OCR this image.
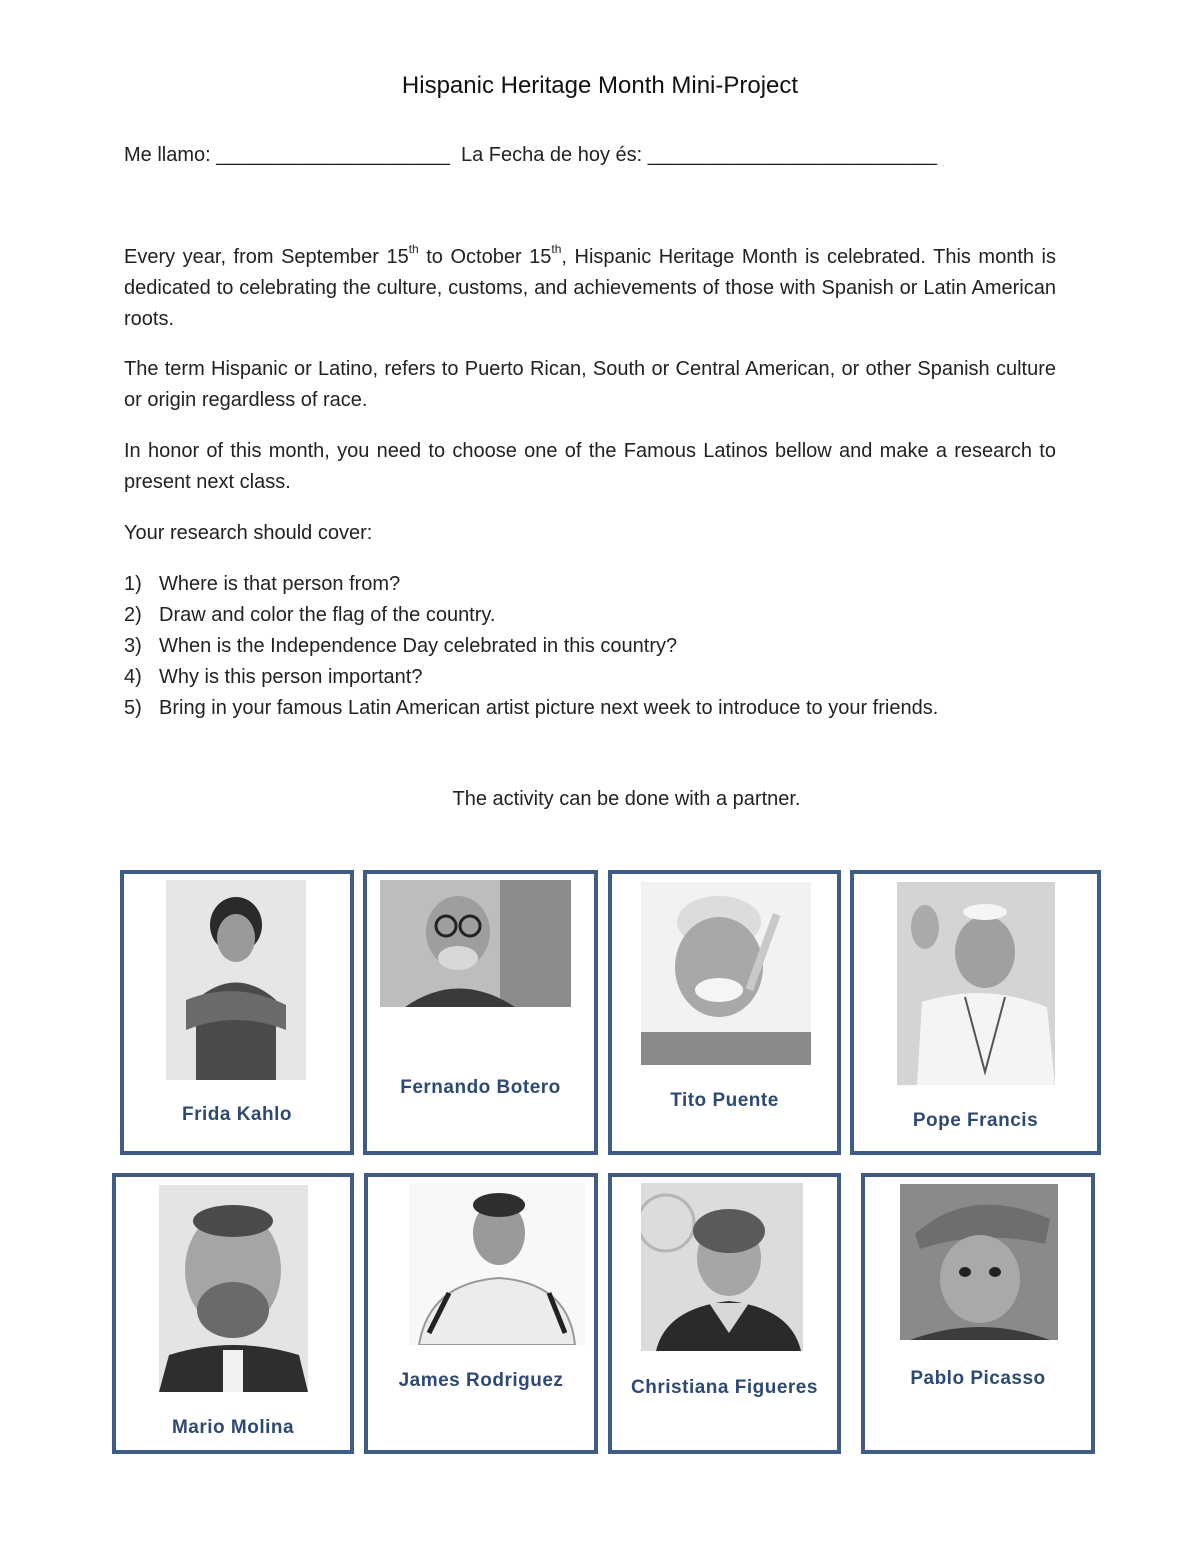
Hispanic Heritage Month Mini-Project
Me llamo: _____________________ La Fecha de hoy és: __________________________
Every year, from September 15th to October 15th, Hispanic Heritage Month is celebrated. This month is dedicated to celebrating the culture, customs, and achievements of those with Spanish or Latin American roots.
The term Hispanic or Latino, refers to Puerto Rican, South or Central American, or other Spanish culture or origin regardless of race.
In honor of this month, you need to choose one of the Famous Latinos bellow and make a research to present next class.
Your research should cover:
1) Where is that person from?
2) Draw and color the flag of the country.
3) When is the Independence Day celebrated in this country?
4) Why is this person important?
5) Bring in your famous Latin American artist picture next week to introduce to your friends.
The activity can be done with a partner.
Frida Kahlo
Fernando Botero
Tito Puente
Pope Francis
Mario Molina
James Rodriguez	Christiana Figueres	Pablo Picasso
